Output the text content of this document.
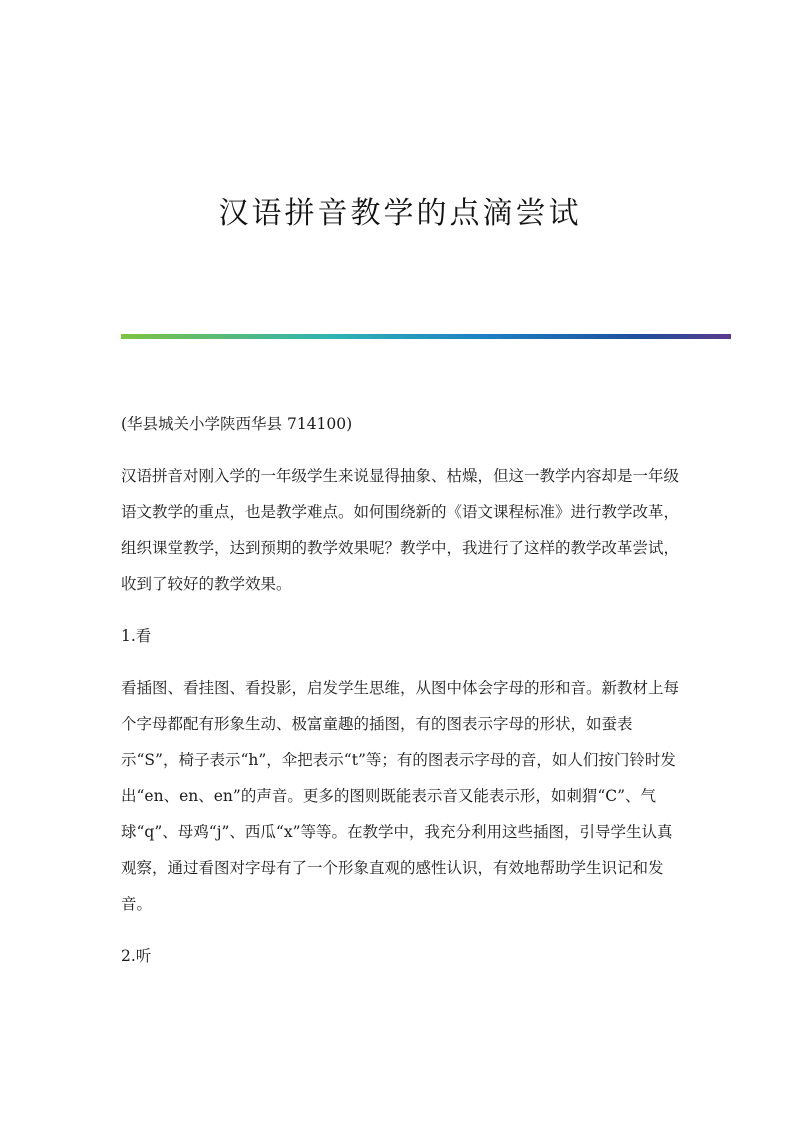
汉语拼音教学的点滴尝试

(华县城关小学陕西华县 714100)

汉语拼音对刚入学的一年级学生来说显得抽象、枯燥，但这一教学内容却是一年级语文教学的重点，也是教学难点。如何围绕新的《语文课程标准》进行教学改革，组织课堂教学，达到预期的教学效果呢？教学中，我进行了这样的教学改革尝试，收到了较好的教学效果。

1.看

看插图、看挂图、看投影，启发学生思维，从图中体会字母的形和音。新教材上每个字母都配有形象生动、极富童趣的插图，有的图表示字母的形状，如蚕表示“S”，椅子表示“h”，伞把表示“t”等；有的图表示字母的音，如人们按门铃时发出“en、en、en”的声音。更多的图则既能表示音又能表示形，如刺猬“C”、气球“q”、母鸡“j”、西瓜“x”等等。在教学中，我充分利用这些插图，引导学生认真观察，通过看图对字母有了一个形象直观的感性认识，有效地帮助学生识记和发音。

2.听
